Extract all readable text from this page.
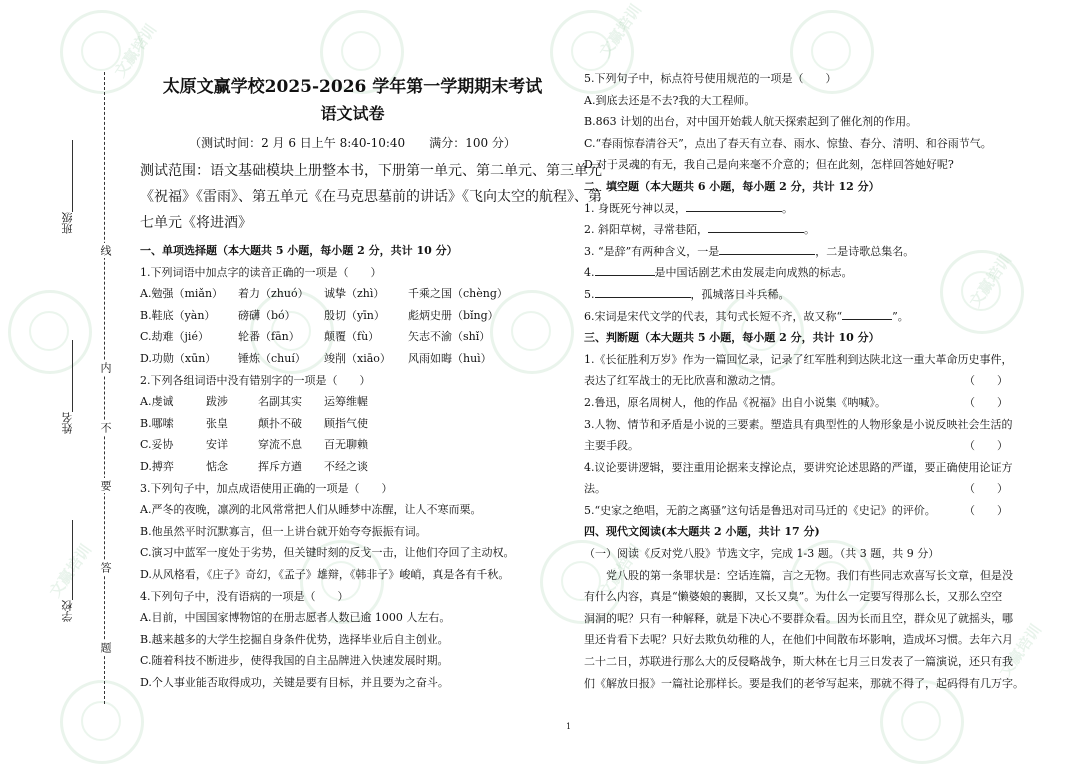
文赢培训	文赢培训
文赢培训
文赢培训	文赢培训
文赢培训
班级
姓名
学校
线
内
不
要
答
题
太原文赢学校2025-2026 学年第一学期期末考试
语文试卷
（测试时间：2 月 6 日上午 8:40-10:40　　满分：100 分）
测试范围：语文基础模块上册整本书，下册第一单元、第二单元、第三单元
《祝福》《雷雨》、第五单元《在马克思墓前的讲话》《飞向太空的航程》、第
七单元《将进酒》
一、单项选择题（本大题共 5 小题，每小题 2 分，共计 10 分）
1.下列词语中加点字的读音正确的一项是（　　）
A.勉强（miǎn）	着力（zhuó）	诚挚（zhì）	千乘之国（chèng）
B.鞋底（yàn）	磅礴（bó）	殷切（yīn）	彪炳史册（bǐng）
C.劫难（jié）	轮番（fān）	颠覆（fù）	矢志不渝（shǐ）
D.功勋（xūn）	锤炼（chuí）	竣削（xiāo）	风雨如晦（huì）
2.下列各组词语中没有错别字的一项是（　　）
A.虔诚	跋涉	名副其实	运筹维幄
B.哪嗦	张皇	颠扑不破	顾指气使
C.妥协	安详	穿流不息	百无聊赖
D.搏弈	惦念	挥斥方遒	不经之谈
3.下列句子中，加点成语使用正确的一项是（　　）
A.严冬的夜晚，凛冽的北风常常把人们从睡梦中冻醒，让人不寒而栗。
B.他虽然平时沉默寡言，但一上讲台就开始夸夸振振有词。
C.演习中蓝军一度处于劣势，但关键时刻的反戈一击，让他们夺回了主动权。
D.从风格看，《庄子》奇幻，《孟子》雄辩，《韩非子》峻峭，真是各有千秋。
4.下列句子中，没有语病的一项是（　　）
A.目前，中国国家博物馆的在册志愿者人数已逾 1000 人左右。
B.越来越多的大学生挖掘自身条件优势，选择毕业后自主创业。
C.随着科技不断进步，使得我国的自主品牌进入快速发展时期。
D.个人事业能否取得成功，关键是要有目标，并且要为之奋斗。
5.下列句子中，标点符号使用规范的一项是（　　）
A.到底去还是不去?我的大工程师。
B.863 计划的出台，对中国开始载人航天探索起到了催化剂的作用。
C.“春雨惊春清谷天”，点出了春天有立春、雨水、惊蛰、春分、清明、和谷雨节气。
D.对于灵魂的有无，我自己是向来毫不介意的；但在此刻，怎样回答她好呢?
二、填空题（本大题共 6 小题，每小题 2 分，共计 12 分）
1. 身既死兮神以灵，	。
2. 斜阳草树，寻常巷陌，	。
3. “是辞”有两种含义，一是	，二是诗歌总集名。
4.	是中国话剧艺术由发展走向成熟的标志。
5.	，孤城落日斗兵稀。
6.宋词是宋代文学的代表，其句式长短不齐，故又称“	”。
三、判断题（本大题共 5 小题，每小题 2 分，共计 10 分）
1.《长征胜利万岁》作为一篇回忆录，记录了红军胜利到达陕北这一重大革命历史事件，
表达了红军战士的无比欣喜和激动之情。	（　　）
2.鲁迅，原名周树人，他的作品《祝福》出自小说集《呐喊》。	（　　）
3.人物、情节和矛盾是小说的三要素。塑造具有典型性的人物形象是小说反映社会生活的
主要手段。	（　　）
4.议论要讲逻辑，要注重用论据来支撑论点，要讲究论述思路的严谨，要正确使用论证方
法。	（　　）
5.“史家之绝唱，无韵之离骚”这句话是鲁迅对司马迁的《史记》的评价。	（　　）
四、现代文阅读(本大题共 2 小题，共计 17 分)
（一）阅读《反对党八股》节选文字，完成 1-3 题。（共 3 题，共 9 分）
党八股的第一条罪状是：空话连篇，言之无物。我们有些同志欢喜写长文章，但是没
有什么内容，真是“懒婆娘的裹脚，又长又臭”。为什么一定要写得那么长，又那么空空
洞洞的呢？只有一种解释，就是下决心不要群众看。因为长而且空，群众见了就摇头，哪
里还肯看下去呢？只好去欺负幼稚的人，在他们中间散布坏影响，造成坏习惯。去年六月
二十二日，苏联进行那么大的反侵略战争，斯大林在七月三日发表了一篇演说，还只有我
们《解放日报》一篇社论那样长。要是我们的老爷写起来，那就不得了，起码得有几万字。
1
